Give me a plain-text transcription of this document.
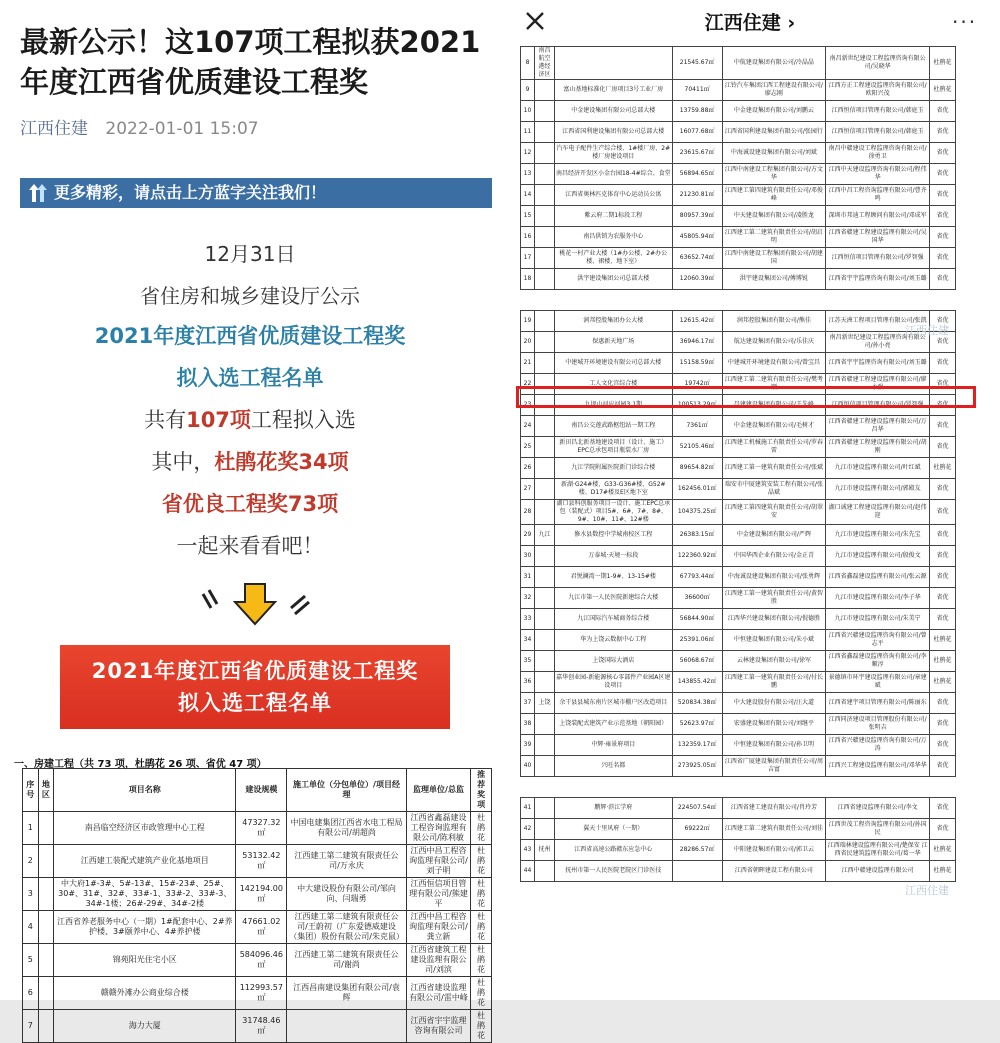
最新公示！这107项工程拟获2021年度江西省优质建设工程奖
江西住建 2022-01-01 15:07
更多精彩，请点击上方蓝字关注我们！
12月31日
省住房和城乡建设厅公示
2021年度江西省优质建设工程奖
拟入选工程名单
共有107项工程拟入选
其中，杜鹃花奖34项
省优良工程奖73项
一起来看看吧！
2021年度江西省优质建设工程奖
拟入选工程名单
一、房建工程（共 73 项，杜鹃花 26 项、省优 47 项）
序号	地区	项目名称	建设规模	施工单位（分包单位）/项目经理	监理单位/总监	推荐奖项
1		南昌临空经济区市政管理中心工程	47327.32㎡	中国电建集团江西省水电工程局有限公司/胡超尚	江西省鑫磊建设工程咨询监理有限公司/陈利敏	杜鹃花
2		江西建工装配式建筑产业化基地项目	53132.42㎡	江西建工第二建筑有限责任公司/万永庆	江西中昌工程咨询监理有限公司/刘子明	杜鹃花
3		中大府1#-3#、5#-13#、15#-23#、25#、30#、31#、32#、33#-1、33#-2、33#-3、34#-1楼；26#-29#、34#-2楼	142194.00㎡	中大建设股份有限公司/邹向向、闫瑞勇	江西恒信项目管理有限公司/熊建平	杜鹃花
4		江西省养老服务中心（一期）1#配套中心、2#养护楼、3#颐养中心、4#养护楼	47661.02㎡	江西建工第二建筑有限责任公司/王蔚初（广东爱德威建设（集团）股份有限公司/朱克鼠）	江西中昌工程咨询监理有限公司/龚立新	杜鹃花
5		锦苑阳光住宅小区	584096.46㎡	江西建工第二建筑有限责任公司/谢尚	江西省建筑工程建设监理有限公司/刘滨	杜鹃花
6		赣赣外滩办公商业综合楼	112993.57㎡	江西昌南建设集团有限公司/袁辉	江西省建设监理有限公司/雷中峰	杜鹃花
7		海力大厦	31748.46㎡		江西省宇宇监理咨询有限公司	杜鹃花
江西住建 ›	···
8	南昌航空港经济区		21545.67㎡	中航建设集团有限公司/冷晶晶	南昌新世纪建设工程监理咨询有限公司/吴晓华	杜鹃花
9		富山基地标准化厂房项目3号工业厂房	70411㎡	江铃汽车集团江西工程建设有限公司/廖志刚	江西方正工程建设监理咨询有限公司/欧阳兴茂	杜鹃花
10		中金建设集团有限公司总部大楼	13759.88㎡	中金建设集团有限公司/刘鹏云	江西恒信项目管理有限公司/韩庭玉	省优
11		江西省国利建设集团有限公司总部大楼	16077.68㎡	江西省国利建设集团有限公司/张园行	江西恒信项目管理有限公司/韩庭玉	省优
12		汽车电子配件生产综合楼、1#楼厂房、2#楼厂房建设项目	23615.67㎡	中海诚设建设集团有限公司/刘斌	南昌中赣建设工程监理咨询有限公司/徐勇卫	省优
13		南昌经济开发区小金台园18-4#综合、食堂	56894.65㎡	江西中南建设工程集团有限公司/方文华	江西中天建设监理咨询有限公司/程伟华	省优
14		江西省奥林匹克体育中心运动员公寓	21230.81㎡	江西建工第四建筑有限责任公司/邓俊峰	江西中昌工程咨询监理有限公司/曹齐鸣	省优
15		紫云府二期1标段工程	80957.39㎡	中天建设集团有限公司/凌胜龙	深圳市邦迪工程顾问有限公司/邓成军	省优
16		南昌供销为农服务中心	45805.94㎡	江西建工第二建筑有限责任公司/胡启明	江西省赣建工程建设监理有限公司/吴国华	省优
17		桃花一村产业大楼（1#办公楼、2#办公楼、裙楼、地下室）	63652.74㎡	江西中南建设工程集团有限公司/胡建国	江西恒信项目管理有限公司/罗智强	省优
18		洪宇建设集团公司总部大楼	12060.39㎡	洪宇建设集团公司/傅博锐	江西省宇宇监理咨询有限公司/刘玉璐	省优
19		润邦控股集团办公大楼	12615.42㎡	润邦控股集团有限公司/熊佳	江苏天洲工程项目管理有限公司/张凯	省优
20		保惠新天地广场	36946.17㎡	航达建设集团有限公司/乐佳庆	南昌新世纪建设工程监理咨询有限公司/孙小亮	省优
21		中建城开环境建设有限公司总部大楼	15158.59㎡	中建城开环境建设有限公司/曾宝昌	江西省宇宇监理咨询有限公司/刘玉璐	省优
22		工人文化宫综合楼	19742㎡	江西建工第二建筑有限责任公司/樊考顺	江西省赣建工程建设监理有限公司/廖永强	省优
23		九坝山河应河园3.1期	100513.29㎡	昌建建设集团有限公司/王先峰	江西恒信项目管理有限公司/罗智强	省优
24		南昌公交莲武路枢纽站一期工程	7361㎡	中金建设集团有限公司/毛树才	江西省赣建工程建设监理有限公司/万昌华	省优
25		新田昌北新基地建设项目（设计、施工）EPC总承包项目瓶装水厂房	52105.46㎡	江西建工机械施工有限责任公司/罗春雷	江西省赣建工程建设监理有限公司/胡刚	省优
26		九江学院附属医院新门诊综合楼	89654.82㎡	江西建工第一建筑有限责任公司/张斌	九江市建设监理有限公司/叶红斌	杜鹃花
27		新湖·G24#楼、G33-G36#楼、G52#楼、D17#楼及E区地下室	162456.01㎡	瑞安市中厦建筑安装工程有限公司/张晶斌	九江市建设监理有限公司/郭殿友	省优
28		湖口县科创服务项目一设计、施工EPC总承包（装配式）项目5#、6#、7#、8#、9#、10#、11#、12#楼	104375.25㎡	江西建工第四建筑有限责任公司/胡翠安	湖口诚建工程建设监理有限公司/赵伟迎	省优
29	九江	修水县数控中学城南校区工程	26383.15㎡	中金建设集团有限公司/严辉	九江市建设监理有限公司/朱先宝	省优
30		万泰城·天境一标段	122360.92㎡	中国华西企业有限公司/金正青	九江市建设监理有限公司/殷俊文	省优
31		君悦澜湾一期1-9#、13-15#楼	67793.44㎡	中海诚设建设集团有限公司/张勇辉	江西省鑫磊建设监理有限公司/张云源	省优
32		九江市第一人民医院新建综合大楼	36600㎡	江西建工第一建筑有限责任公司/黄智胜	九江市建设监理有限公司/李子华	省优
33		九江国际汽车城商务综合楼	56844.90㎡	江西华兴建设集团有限公司/倪德胜	九江市建设监理有限公司/朱美宁	省优
34		华为上饶云数据中心工程	25391.06㎡	中恒建设集团有限公司/朱小斌	江西省兴赣建设监理咨询有限公司/曾志平	杜鹃花
35		上饶国际大酒店	56068.67㎡	云林建设集团有限公司/徐军	江西省鑫磊建设监理咨询有限公司/李顺淳	杜鹃花
36		嘉华创业园-新能源核心零部件产业园A区建设项目	143855.42㎡	江西建工第一建筑有限责任公司/付长鹏	景德镇市环宇建设监理有限公司/章建斌	杜鹃花
37	上饶	余干县县城东南片区城市棚户区改造项目	520834.38㎡	中大建设股份有限公司/汪大道	江西省建宇项目管理有限公司/陈丽东	省优
38		上饶装配式建筑产业示范基地（朝阳园）	52623.97㎡	宏盛建设集团有限公司/刘继平	江西同济建设项目管理股份有限公司/张明吉	省优
39		中辉·雍景府项目	132359.17㎡	中恒建设集团有限公司/孙卫明	江西省兴赣建设监理咨询有限公司/万涛	省优
40		兴旺名都	273925.05㎡	江西省广厦建设集团有限责任公司/周吉富	江西兴工程建设监理有限公司/邓华华	省优
41		鹏辉·滨江学府	224507.54㎡	江西省建工建设有限公司/肖玲芳	江西省建设监理有限公司/李文	省优
42		翼天十里风府（一期）	69222㎡	江西建工第二建筑有限责任公司/刘佳	江西世茂工程咨询监理有限公司/孙国民	省优
43	抚州	江西省高速公路赣东应急中心	28286.57㎡	中阳建设集团有限公司/郭卫云	江西瑞林建设监理有限公司/楚保安 江西省民建筑监理有限公司/葛一华	杜鹃花
44		抚州市第一人民医院老院区门诊医技		江西省朝晖建设工程有限公司	江西中赣建设监理有限公司	杜鹃花
江西住建
江西住建
